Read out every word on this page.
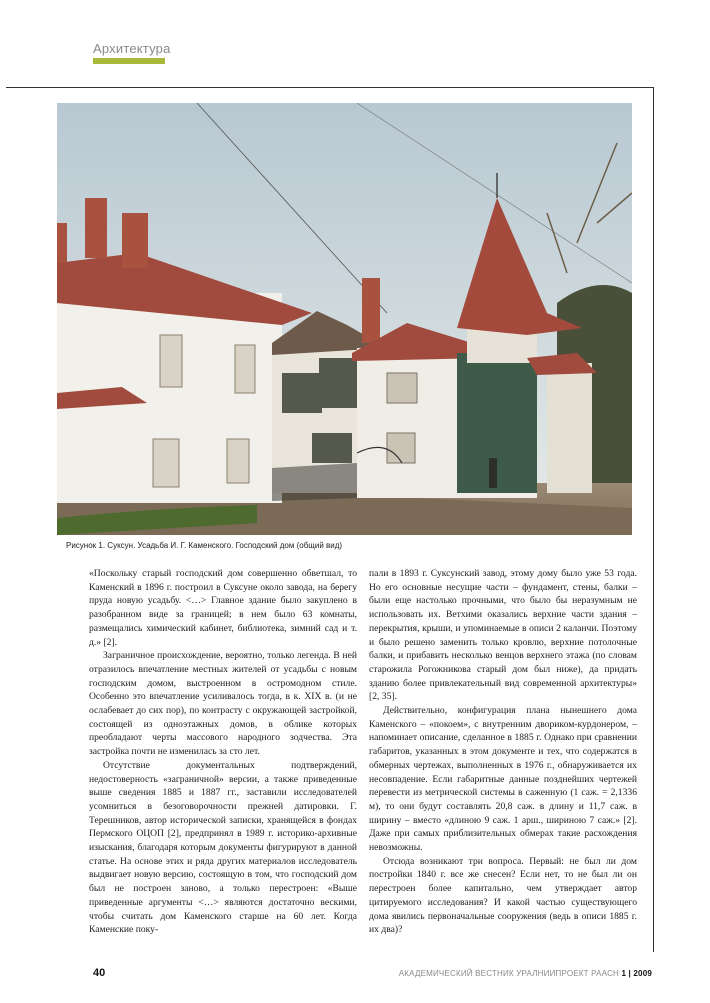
Архитектура
Рисунок 1. Суксун. Усадьба И. Г. Каменского. Господский дом (общий вид)

«Поскольку старый господский дом совершенно обветшал, то Каменский в 1896 г. построил в Суксуне около завода, на берегу пруда новую усадьбу. <…> Главное здание было закуплено в разобранном виде за границей; в нем было 63 комнаты, размещались химический кабинет, библиотека, зимний сад и т. д.» [2].

Заграничное происхождение, вероятно, только легенда. В ней отразилось впечатление местных жителей от усадьбы с новым господским домом, выстроенном в остромодном стиле. Особенно это впечатление усиливалось тогда, в к. XIX в. (и не ослабевает до сих пор), по контрасту с окружающей застройкой, состоящей из одноэтажных домов, в облике которых преобладают черты массового народного зодчества. Эта застройка почти не изменилась за сто лет.

Отсутствие документальных подтверждений, недостоверность «заграничной» версии, а также приведенные выше сведения 1885 и 1887 гг., заставили исследователей усомниться в безоговорочности прежней датировки. Г. Терешников, автор исторической записки, хранящейся в фондах Пермского ОЦОП [2], предпринял в 1989 г. историко-архивные изыскания, благодаря которым документы фигурируют в данной статье. На основе этих и ряда других материалов исследователь выдвигает новую версию, состоящую в том, что господский дом был не построен заново, а только перестроен: «Выше приведенные аргументы <…> являются достаточно вескими, чтобы считать дом Каменского старше на 60 лет. Когда Каменские поку-

пали в 1893 г. Суксунский завод, этому дому было уже 53 года. Но его основные несущие части – фундамент, стены, балки – были еще настолько прочными, что было бы неразумным не использовать их. Ветхими оказались верхние части здания – перекрытия, крыши, и упоминаемые в описи 2 каланчи. Поэтому и было решено заменить только кровлю, верхние потолочные балки, и прибавить несколько венцов верхнего этажа (по словам старожила Рогожникова старый дом был ниже), да придать зданию более привлекательный вид современной архитектуры» [2, 35].

Действительно, конфигурация плана нынешнего дома Каменского – «покоем», с внутренним двориком-курдонером, – напоминает описание, сделанное в 1885 г. Однако при сравнении габаритов, указанных в этом документе и тех, что содержатся в обмерных чертежах, выполненных в 1976 г., обнаруживается их несовпадение. Если габаритные данные позднейших чертежей перевести из метрической системы в саженную (1 саж. = 2,1336 м), то они будут составлять 20,8 саж. в длину и 11,7 саж. в ширину – вместо «длиною 9 саж. 1 арш., шириною 7 саж.» [2]. Даже при самых приблизительных обмерах такие расхождения невозможны.

Отсюда возникают три вопроса. Первый: не был ли дом постройки 1840 г. все же снесен? Если нет, то не был ли он перестроен более капитально, чем утверждает автор цитируемого исследования? И какой частью существующего дома явились первоначальные сооружения (ведь в описи 1885 г. их два)?

40	АКАДЕМИЧЕСКИЙ ВЕСТНИК УРАЛНИИПРОЕКТ РААСН 1 | 2009
